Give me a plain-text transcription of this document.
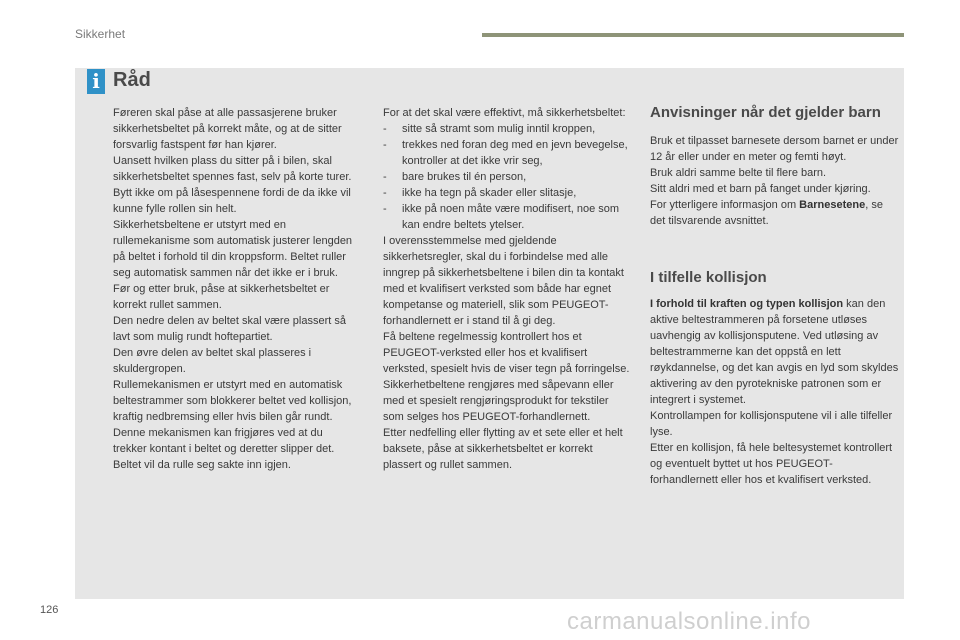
Sikkerhet
i Råd

Føreren skal påse at alle passasjerene bruker sikkerhetsbeltet på korrekt måte, og at de sitter forsvarlig fastspent før han kjører.

Uansett hvilken plass du sitter på i bilen, skal sikkerhetsbeltet spennes fast, selv på korte turer.

Bytt ikke om på låsespennene fordi de da ikke vil kunne fylle rollen sin helt.

Sikkerhetsbeltene er utstyrt med en rullemekanisme som automatisk justerer lengden på beltet i forhold til din kroppsform. Beltet ruller seg automatisk sammen når det ikke er i bruk.

Før og etter bruk, påse at sikkerhetsbeltet er korrekt rullet sammen.

Den nedre delen av beltet skal være plassert så lavt som mulig rundt hoftepartiet.

Den øvre delen av beltet skal plasseres i skuldergropen.

Rullemekanismen er utstyrt med en automatisk beltestrammer som blokkerer beltet ved kollisjon, kraftig nedbremsing eller hvis bilen går rundt. Denne mekanismen kan frigjøres ved at du trekker kontant i beltet og deretter slipper det. Beltet vil da rulle seg sakte inn igjen.

For at det skal være effektivt, må sikkerhetsbeltet:

-	sitte så stramt som mulig inntil kroppen,
-	trekkes ned foran deg med en jevn bevegelse, kontroller at det ikke vrir seg,
-	bare brukes til én person,
-	ikke ha tegn på skader eller slitasje,
-	ikke på noen måte være modifisert, noe som kan endre beltets ytelser.

I overensstemmelse med gjeldende sikkerhetsregler, skal du i forbindelse med alle inngrep på sikkerhetsbeltene i bilen din ta kontakt med et kvalifisert verksted som både har egnet kompetanse og materiell, slik som PEUGEOT-forhandlernett er i stand til å gi deg.

Få beltene regelmessig kontrollert hos et PEUGEOT-verksted eller hos et kvalifisert verksted, spesielt hvis de viser tegn på forringelse.

Sikkerhetbeltene rengjøres med såpevann eller med et spesielt rengjøringsprodukt for tekstiler som selges hos PEUGEOT-forhandlernett.

Etter nedfelling eller flytting av et sete eller et helt baksete, påse at sikkerhetsbeltet er korrekt plassert og rullet sammen.

Anvisninger når det gjelder barn

Bruk et tilpasset barnesete dersom barnet er under 12 år eller under en meter og femti høyt.

Bruk aldri samme belte til flere barn.

Sitt aldri med et barn på fanget under kjøring.

For ytterligere informasjon om Barnesetene, se det tilsvarende avsnittet.

I tilfelle kollisjon

I forhold til kraften og typen kollisjon kan den aktive beltestrammeren på forsetene utløses uavhengig av kollisjonsputene. Ved utløsing av beltestrammerne kan det oppstå en lett røykdannelse, og det kan avgis en lyd som skyldes aktivering av den pyrotekniske patronen som er integrert i systemet.

Kontrollampen for kollisjonsputene vil i alle tilfeller lyse.

Etter en kollisjon, få hele beltesystemet kontrollert og eventuelt byttet ut hos PEUGEOT-forhandlernett eller hos et kvalifisert verksted.

126	carmanualsonline.info
